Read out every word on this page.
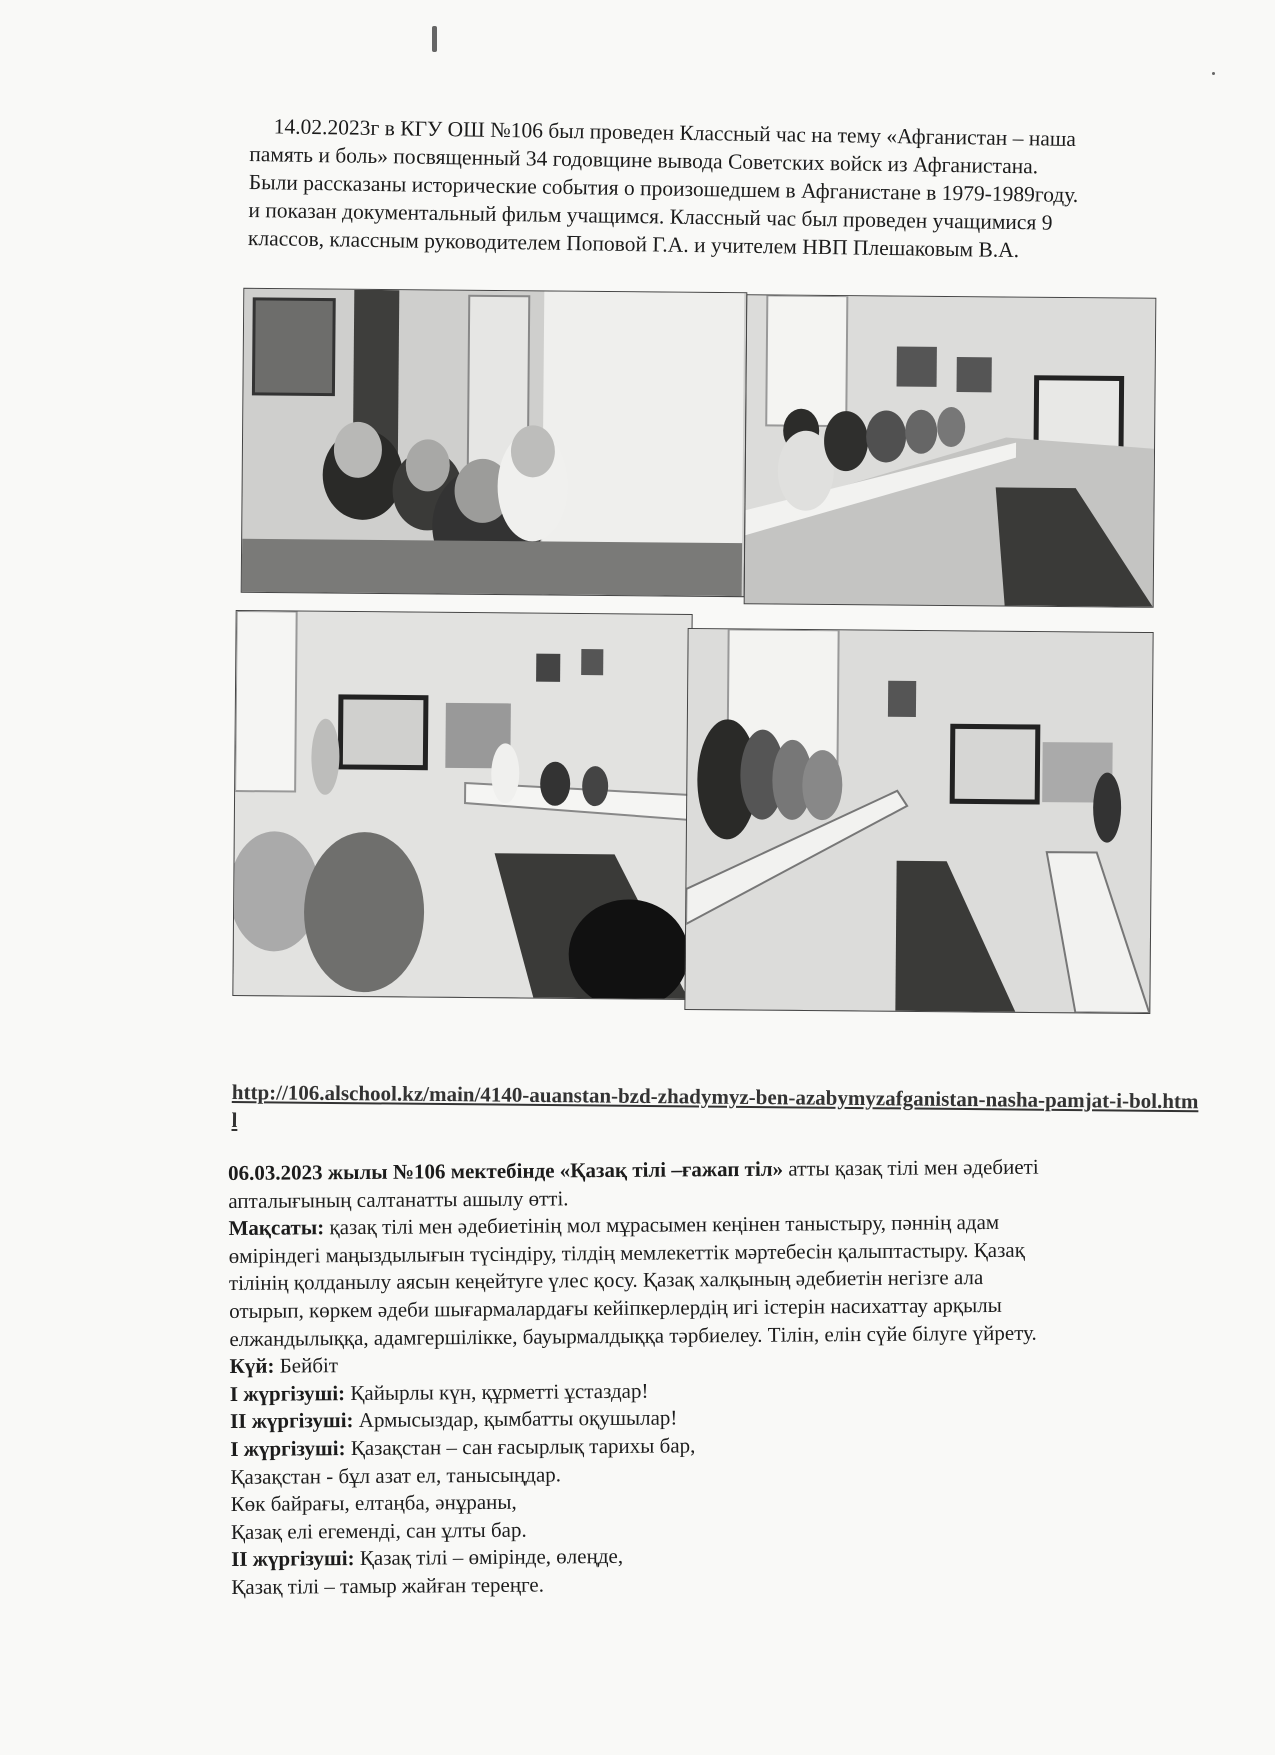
14.02.2023г в КГУ ОШ №106 был проведен Классный час на тему «Афганистан – наша
память и боль» посвященный 34 годовщине вывода Советских войск из Афганистана.
Были рассказаны исторические события о произошедшем в Афганистане в 1979-1989году.
и показан документальный фильм учащимся. Классный час был проведен учащимися 9
классов, классным руководителем Поповой Г.А. и учителем НВП Плешаковым В.А.
http://106.alschool.kz/main/4140-auanstan-bzd-zhadymyz-ben-azabymyzafganistan-nasha-pamjat-i-bol.html
06.03.2023 жылы №106 мектебінде «Қазақ тілі –ғажап тіл» атты қазақ тілі мен әдебиеті
апталығының салтанатты ашылу өтті.
Мақсаты: қазақ тілі мен әдебиетінің мол мұрасымен кеңінен таныстыру, пәннің адам
өміріндегі маңыздылығын түсіндіру, тілдің мемлекеттік мәртебесін қалыптастыру. Қазақ
тілінің қолданылу аясын кеңейтуге үлес қосу. Қазақ халқының әдебиетін негізге ала
отырып, көркем әдеби шығармалардағы кейіпкерлердің игі істерін насихаттау арқылы
елжандылыққа, адамгершілікке, бауырмалдыққа тәрбиелеу. Тілін, елін сүйе білуге үйрету.
Күй: Бейбіт
I жүргізуші: Қайырлы күн, құрметті ұстаздар!
II жүргізуші: Армысыздар, қымбатты оқушылар!
I жүргізуші: Қазақстан – сан ғасырлық тарихы бар,
Қазақстан - бұл азат ел, танысыңдар.
Көк байрағы, елтаңба, әнұраны,
Қазақ елі егеменді, сан ұлты бар.
II жүргізуші: Қазақ тілі – өмірінде, өлеңде,
Қазақ тілі – тамыр жайған тереңге.
